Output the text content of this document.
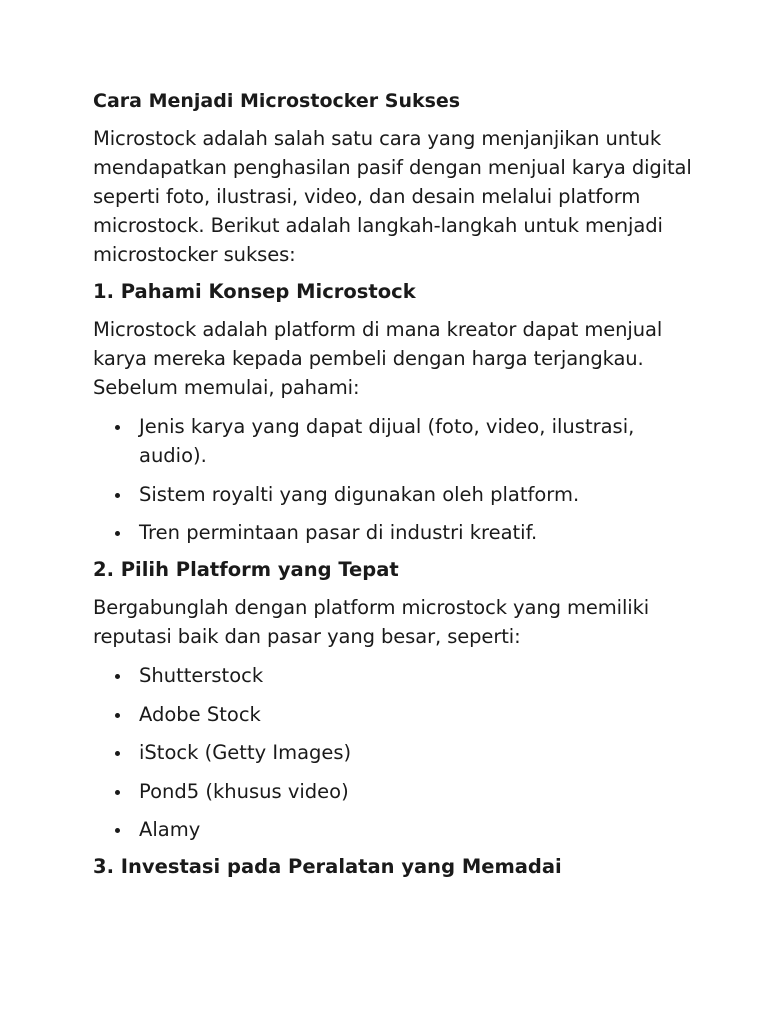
Cara Menjadi Microstocker Sukses

Microstock adalah salah satu cara yang menjanjikan untuk mendapatkan penghasilan pasif dengan menjual karya digital seperti foto, ilustrasi, video, dan desain melalui platform microstock. Berikut adalah langkah-langkah untuk menjadi microstocker sukses:

1. Pahami Konsep Microstock

Microstock adalah platform di mana kreator dapat menjual karya mereka kepada pembeli dengan harga terjangkau. Sebelum memulai, pahami:

Jenis karya yang dapat dijual (foto, video, ilustrasi, audio).
Sistem royalti yang digunakan oleh platform.
Tren permintaan pasar di industri kreatif.
2. Pilih Platform yang Tepat

Bergabunglah dengan platform microstock yang memiliki reputasi baik dan pasar yang besar, seperti:

Shutterstock
Adobe Stock
iStock (Getty Images)
Pond5 (khusus video)
Alamy
3. Investasi pada Peralatan yang Memadai
